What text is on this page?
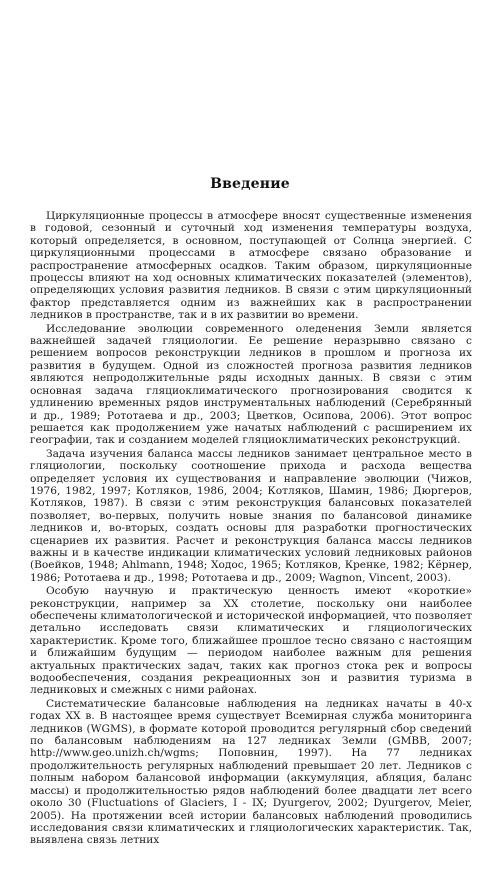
Введение

Циркуляционные процессы в атмосфере вносят существенные изменения в годовой, сезонный и суточный ход изменения температуры воздуха, который определяется, в основном, поступающей от Солнца энергией. С циркуляционными процессами в атмосфере связано образование и распространение атмосферных осадков. Таким образом, циркуляционные процессы влияют на ход основных климатических показателей (элементов), определяющих условия развития ледников. В связи с этим циркуляционный фактор представляется одним из важнейших как в распространении ледников в пространстве, так и в их развитии во времени.

Исследование эволюции современного оледенения Земли является важнейшей задачей гляциологии. Ее решение неразрывно связано с решением вопросов реконструкции ледников в прошлом и прогноза их развития в будущем. Одной из сложностей прогноза развития ледников являются непродолжительные ряды исходных данных. В связи с этим основная задача гляциоклиматического прогнозирования сводится к удлинению временных рядов инструментальных наблюдений (Серебрянный и др., 1989; Рототаева и др., 2003; Цветков, Осипова, 2006). Этот вопрос решается как продолжением уже начатых наблюдений с расширением их географии, так и созданием моделей гляциоклиматических реконструкций.

Задача изучения баланса массы ледников занимает центральное место в гляциологии, поскольку соотношение прихода и расхода вещества определяет условия их существования и направление эволюции (Чижов, 1976, 1982, 1997; Котляков, 1986, 2004; Котляков, Шамин, 1986; Дюргеров, Котляков, 1987). В связи с этим реконструкция балансовых показателей позволяет, во-первых, получить новые знания по балансовой динамике ледников и, во-вторых, создать основы для разработки прогностических сценариев их развития. Расчет и реконструкция баланса массы ледников важны и в качестве индикации климатических условий ледниковых районов (Воейков, 1948; Ahlmann, 1948; Ходос, 1965; Котляков, Кренке, 1982; Кёрнер, 1986; Рототаева и др., 1998; Рототаева и др., 2009; Wagnon, Vincent, 2003).

Особую научную и практическую ценность имеют «короткие» реконструкции, например за XX столетие, поскольку они наиболее обеспечены климатологической и исторической информацией, что позволяет детально исследовать связи климатических и гляциологических характеристик. Кроме того, ближайшее прошлое тесно связано с настоящим и ближайшим будущим — периодом наиболее важным для решения актуальных практических задач, таких как прогноз стока рек и вопросы водообеспечения, создания рекреационных зон и развития туризма в ледниковых и смежных с ними районах.

Систематические балансовые наблюдения на ледниках начаты в 40-х годах XX в. В настоящее время существует Всемирная служба мониторинга ледников (WGMS), в формате которой проводится регулярный сбор сведений по балансовым наблюдениям на 127 ледниках Земли (GMBB, 2007; http://www.geo.unizh.ch/wgms; Поповнин, 1997). На 77 ледниках продолжительность регулярных наблюдений превышает 20 лет. Ледников с полным набором балансовой информации (аккумуляция, абляция, баланс массы) и продолжительностью рядов наблюдений более двадцати лет всего около 30 (Fluctuations of Glaciers, I - IX; Dyurgerov, 2002; Dyurgerov, Meier, 2005). На протяжении всей истории балансовых наблюдений проводились исследования связи климатических и гляциологических характеристик. Так, выявлена связь летних
